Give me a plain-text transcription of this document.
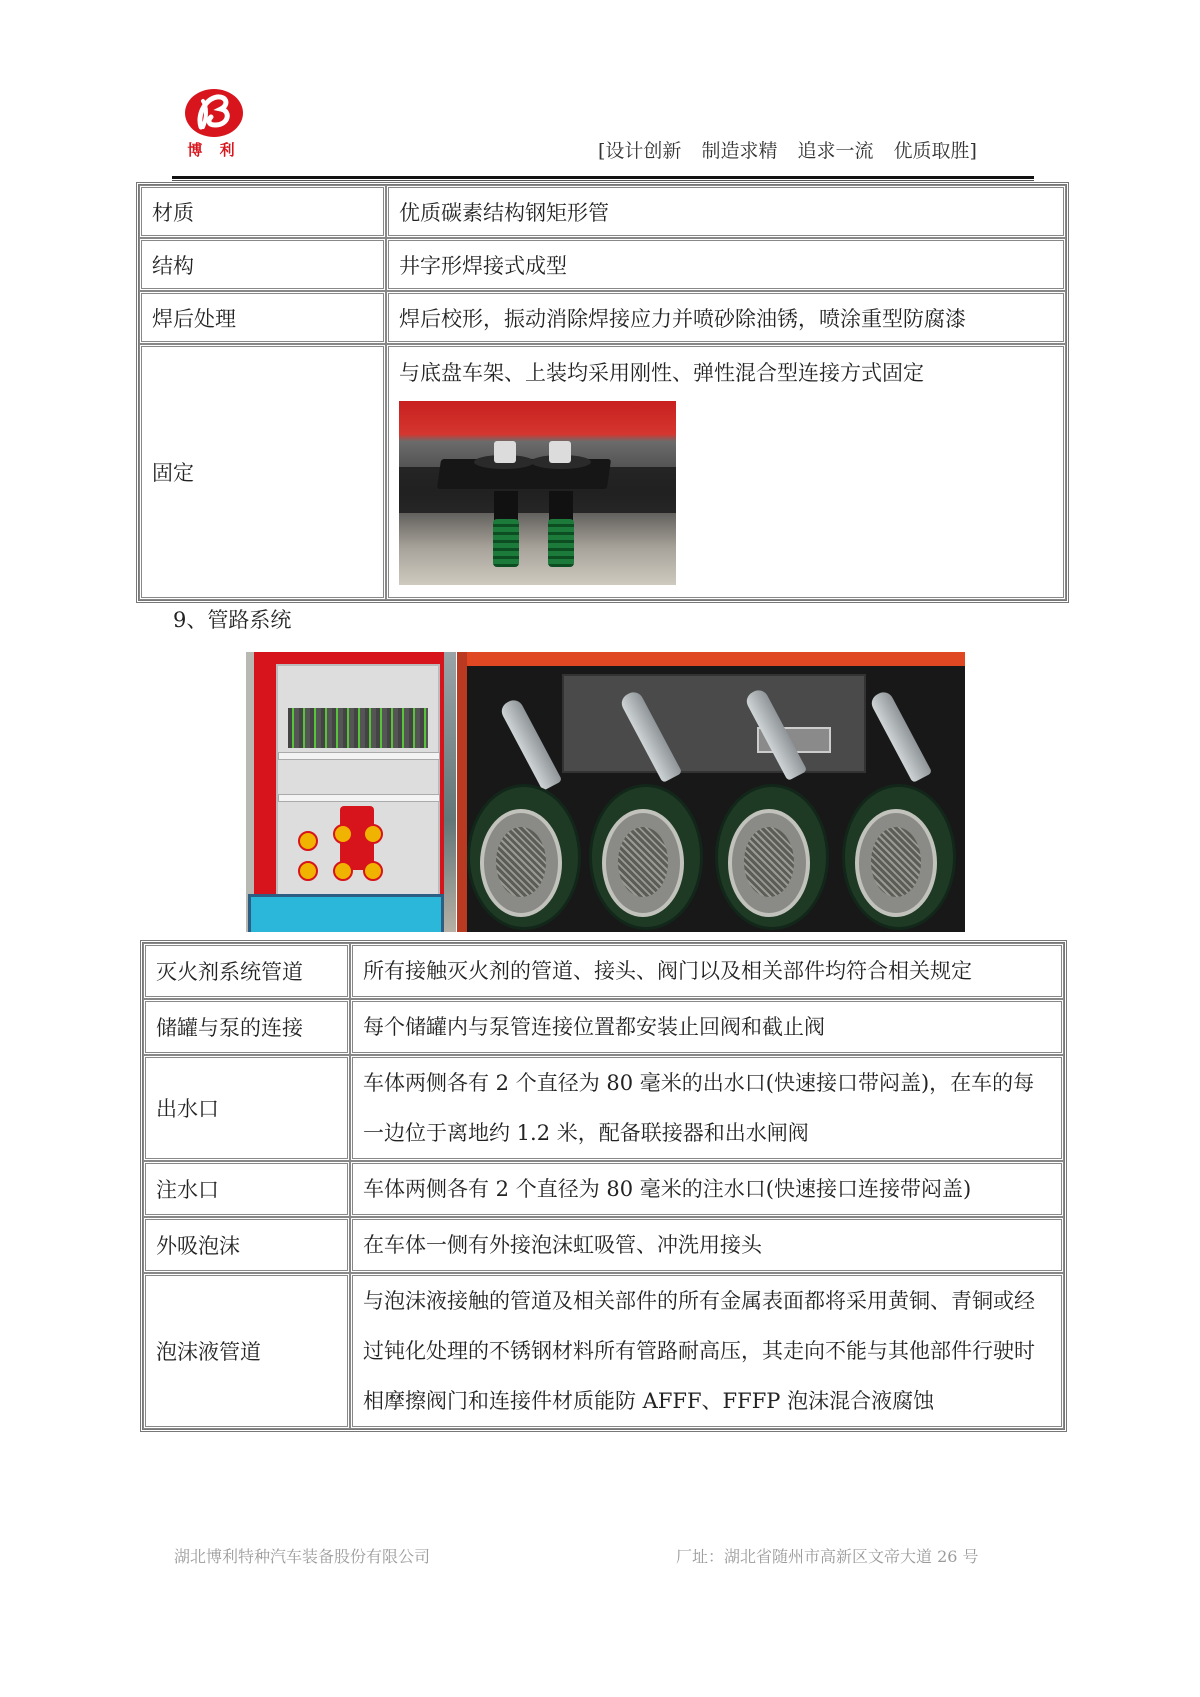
博 利	[设计创新 制造求精 追求一流 优质取胜]
材质	优质碳素结构钢矩形管
结构	井字形焊接式成型
焊后处理	焊后校形，振动消除焊接应力并喷砂除油锈，喷涂重型防腐漆
固定	与底盘车架、上装均采用刚性、弹性混合型连接方式固定
9、管路系统
灭火剂系统管道	所有接触灭火剂的管道、接头、阀门以及相关部件均符合相关规定
储罐与泵的连接	每个储罐内与泵管连接位置都安装止回阀和截止阀
出水口	车体两侧各有 2 个直径为 80 毫米的出水口(快速接口带闷盖)，在车的每一边位于离地约 1.2 米，配备联接器和出水闸阀
注水口	车体两侧各有 2 个直径为 80 毫米的注水口(快速接口连接带闷盖)
外吸泡沫	在车体一侧有外接泡沫虹吸管、冲洗用接头
泡沫液管道	与泡沫液接触的管道及相关部件的所有金属表面都将采用黄铜、青铜或经过钝化处理的不锈钢材料所有管路耐高压，其走向不能与其他部件行驶时相摩擦阀门和连接件材质能防 AFFF、FFFP 泡沫混合液腐蚀
湖北博利特种汽车装备股份有限公司	厂址：湖北省随州市高新区文帝大道 26 号
